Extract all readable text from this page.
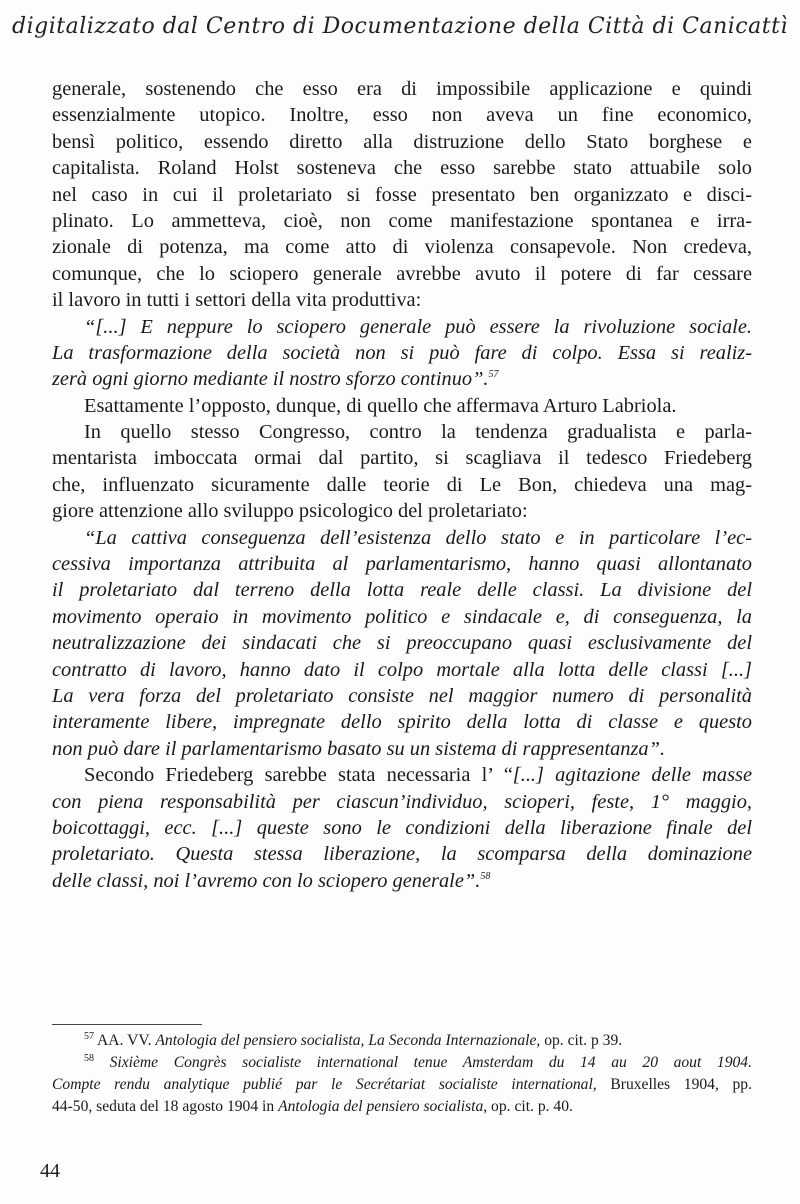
digitalizzato dal Centro di Documentazione della Città di Canicattì
generale, sostenendo che esso era di impossibile applicazione e quindi
essenzialmente utopico. Inoltre, esso non aveva un fine economico,
bensì politico, essendo diretto alla distruzione dello Stato borghese e
capitalista. Roland Holst sosteneva che esso sarebbe stato attuabile solo
nel caso in cui il proletariato si fosse presentato ben organizzato e disci-
plinato. Lo ammetteva, cioè, non come manifestazione spontanea e irra-
zionale di potenza, ma come atto di violenza consapevole. Non credeva,
comunque, che lo sciopero generale avrebbe avuto il potere di far cessare
il lavoro in tutti i settori della vita produttiva:
“[...] E neppure lo sciopero generale può essere la rivoluzione sociale.
La trasformazione della società non si può fare di colpo. Essa si realiz-
zerà ogni giorno mediante il nostro sforzo continuo”.$^{57}$
Esattamente l’opposto, dunque, di quello che affermava Arturo Labriola.
In quello stesso Congresso, contro la tendenza gradualista e parla-
mentarista imboccata ormai dal partito, si scagliava il tedesco Friedeberg
che, influenzato sicuramente dalle teorie di Le Bon, chiedeva una mag-
giore attenzione allo sviluppo psicologico del proletariato:
“La cattiva conseguenza dell’esistenza dello stato e in particolare l’ec-
cessiva importanza attribuita al parlamentarismo, hanno quasi allontanato
il proletariato dal terreno della lotta reale delle classi. La divisione del
movimento operaio in movimento politico e sindacale e, di conseguenza, la
neutralizzazione dei sindacati che si preoccupano quasi esclusivamente del
contratto di lavoro, hanno dato il colpo mortale alla lotta delle classi [...]
La vera forza del proletariato consiste nel maggior numero di personalità
interamente libere, impregnate dello spirito della lotta di classe e questo
non può dare il parlamentarismo basato su un sistema di rappresentanza”.
Secondo Friedeberg sarebbe stata necessaria l’ “[...] agitazione delle masse
con piena responsabilità per ciascun’individuo, scioperi, feste, 1° maggio,
boicottaggi, ecc. [...] queste sono le condizioni della liberazione finale del
proletariato. Questa stessa liberazione, la scomparsa della dominazione
delle classi, noi l’avremo con lo sciopero generale”.$^{58}$
$^{57}$ AA. VV. Antologia del pensiero socialista, La Seconda Internazionale, op. cit. p 39.
$^{58}$ Sixième Congrès socialiste international tenue Amsterdam du 14 au 20 aout 1904.
Compte rendu analytique publié par le Secrétariat socialiste international, Bruxelles 1904, pp.
44-50, seduta del 18 agosto 1904 in Antologia del pensiero socialista, op. cit. p. 40.
44
